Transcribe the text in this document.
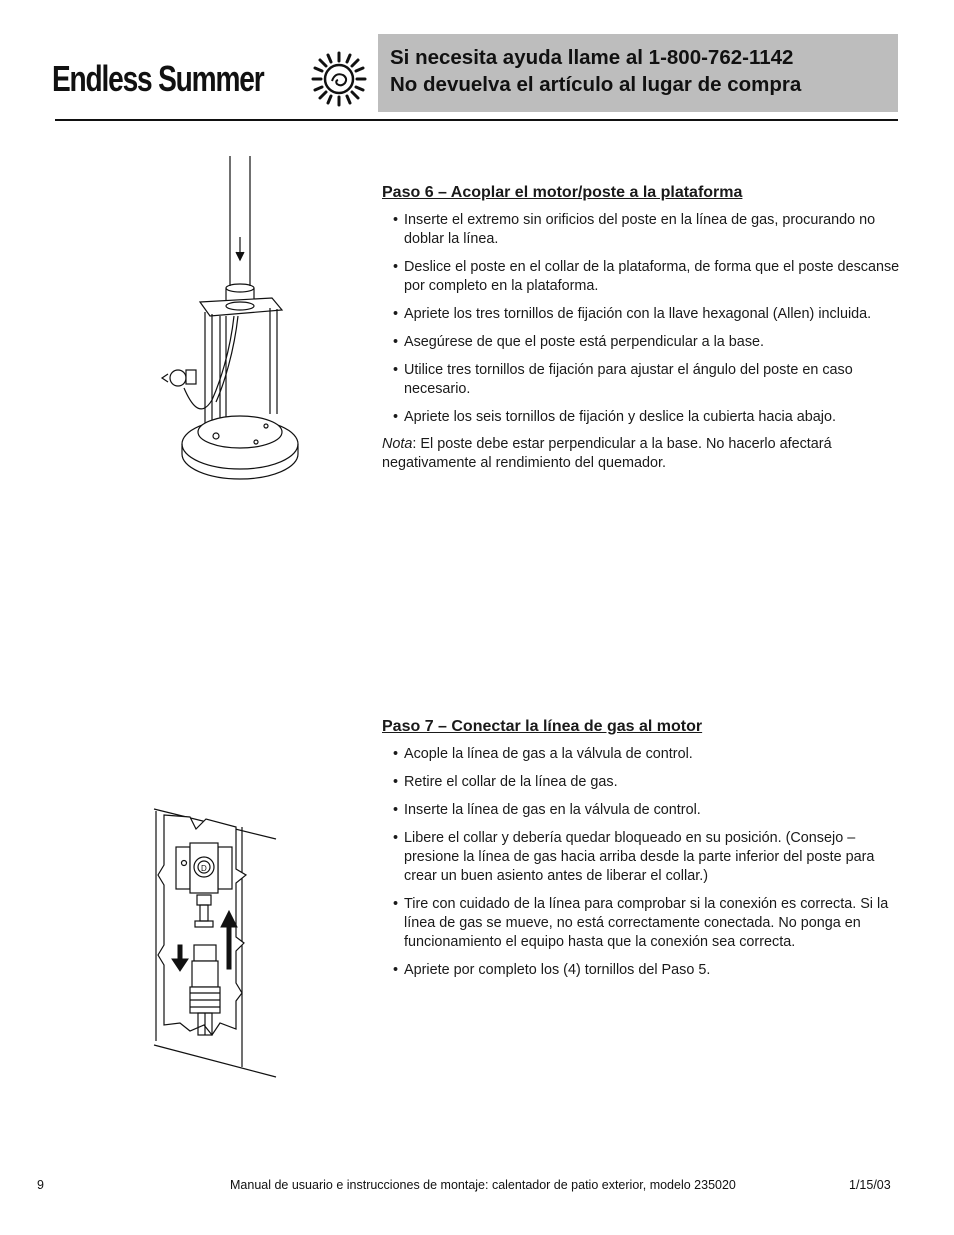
Endless Summer
Si necesita ayuda llame al 1-800-762-1142
No devuelva el artículo al lugar de compra
Paso 6 – Acoplar el motor/poste a la plataforma
• Inserte el extremo sin orificios del poste en la línea de gas, procurando no doblar la línea.
• Deslice el poste en el collar de la plataforma, de forma que el poste descanse por completo en la plataforma.
• Apriete los tres tornillos de fijación con la llave hexagonal (Allen) incluida.
• Asegúrese de que el poste está perpendicular a la base.
• Utilice tres tornillos de fijación para ajustar el ángulo del poste en caso necesario.
• Apriete los seis tornillos de fijación y deslice la cubierta hacia abajo.
Nota: El poste debe estar perpendicular a la base. No hacerlo afectará negativamente al rendimiento del quemador.
Paso 7 – Conectar la línea de gas al motor
• Acople la línea de gas a la válvula de control.
• Retire el collar de la línea de gas.
• Inserte la línea de gas en la válvula de control.
• Libere el collar y debería quedar bloqueado en su posición. (Consejo – presione la línea de gas hacia arriba desde la parte inferior del poste para crear un buen asiento antes de liberar el collar.)
• Tire con cuidado de la línea para comprobar si la conexión es correcta. Si la línea de gas se mueve, no está correctamente conectada. No ponga en funcionamiento el equipo hasta que la conexión sea correcta.
• Apriete por completo los (4) tornillos del Paso 5.
D
9	Manual de usuario e instrucciones de montaje: calentador de patio exterior, modelo 235020	1/15/03
